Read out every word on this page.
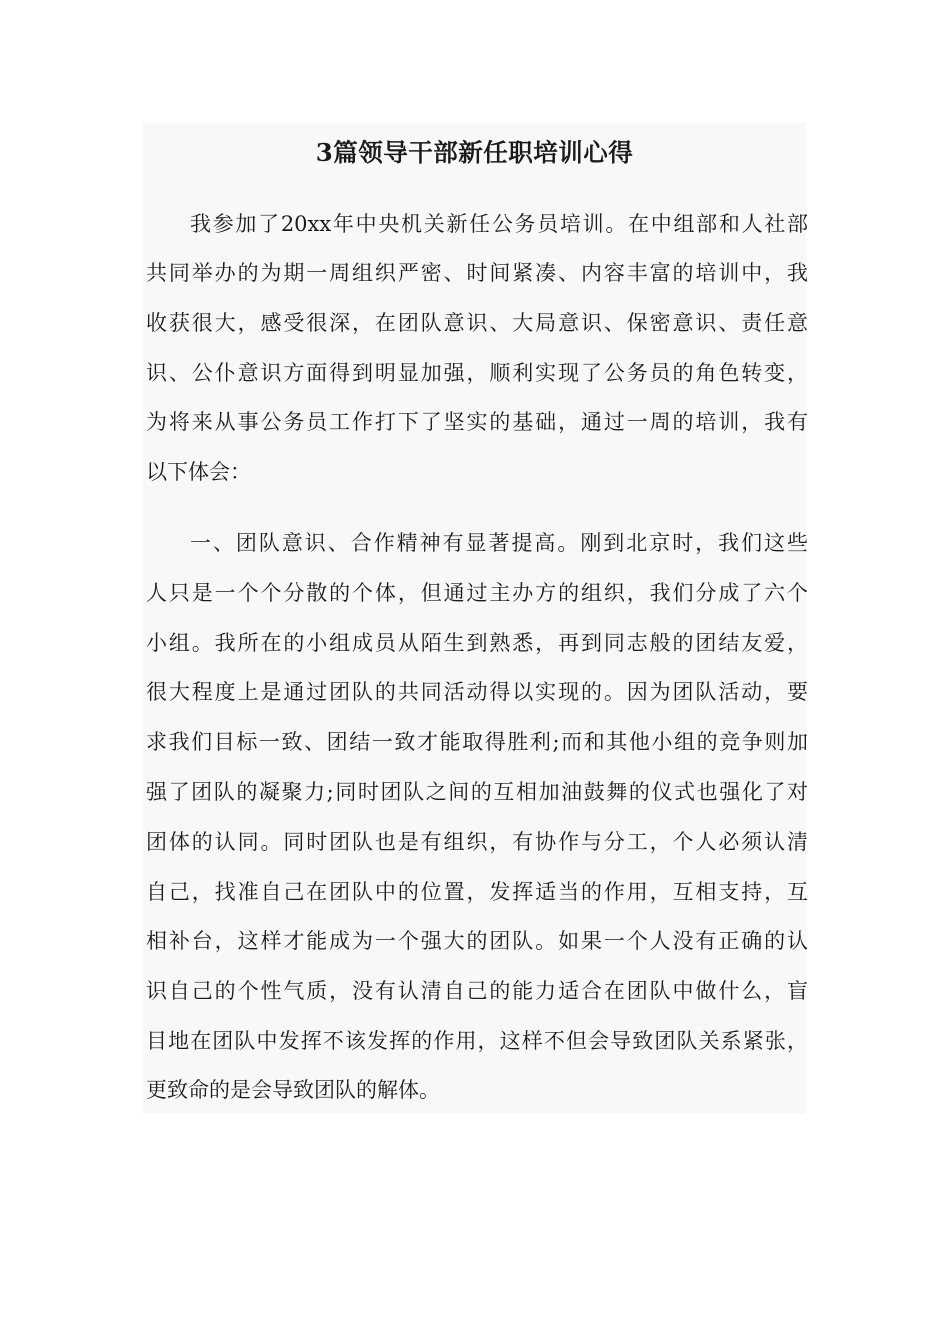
3篇领导干部新任职培训心得
我参加了20xx年中央机关新任公务员培训。在中组部和人社部
共同举办的为期一周组织严密、时间紧凑、内容丰富的培训中，我
收获很大，感受很深，在团队意识、大局意识、保密意识、责任意
识、公仆意识方面得到明显加强，顺利实现了公务员的角色转变，
为将来从事公务员工作打下了坚实的基础，通过一周的培训，我有
以下体会：
一、团队意识、合作精神有显著提高。刚到北京时，我们这些
人只是一个个分散的个体，但通过主办方的组织，我们分成了六个
小组。我所在的小组成员从陌生到熟悉，再到同志般的团结友爱，
很大程度上是通过团队的共同活动得以实现的。因为团队活动，要
求我们目标一致、团结一致才能取得胜利;而和其他小组的竞争则加
强了团队的凝聚力;同时团队之间的互相加油鼓舞的仪式也强化了对
团体的认同。同时团队也是有组织，有协作与分工，个人必须认清
自己，找准自己在团队中的位置，发挥适当的作用，互相支持，互
相补台，这样才能成为一个强大的团队。如果一个人没有正确的认
识自己的个性气质，没有认清自己的能力适合在团队中做什么，盲
目地在团队中发挥不该发挥的作用，这样不但会导致团队关系紧张，
更致命的是会导致团队的解体。
